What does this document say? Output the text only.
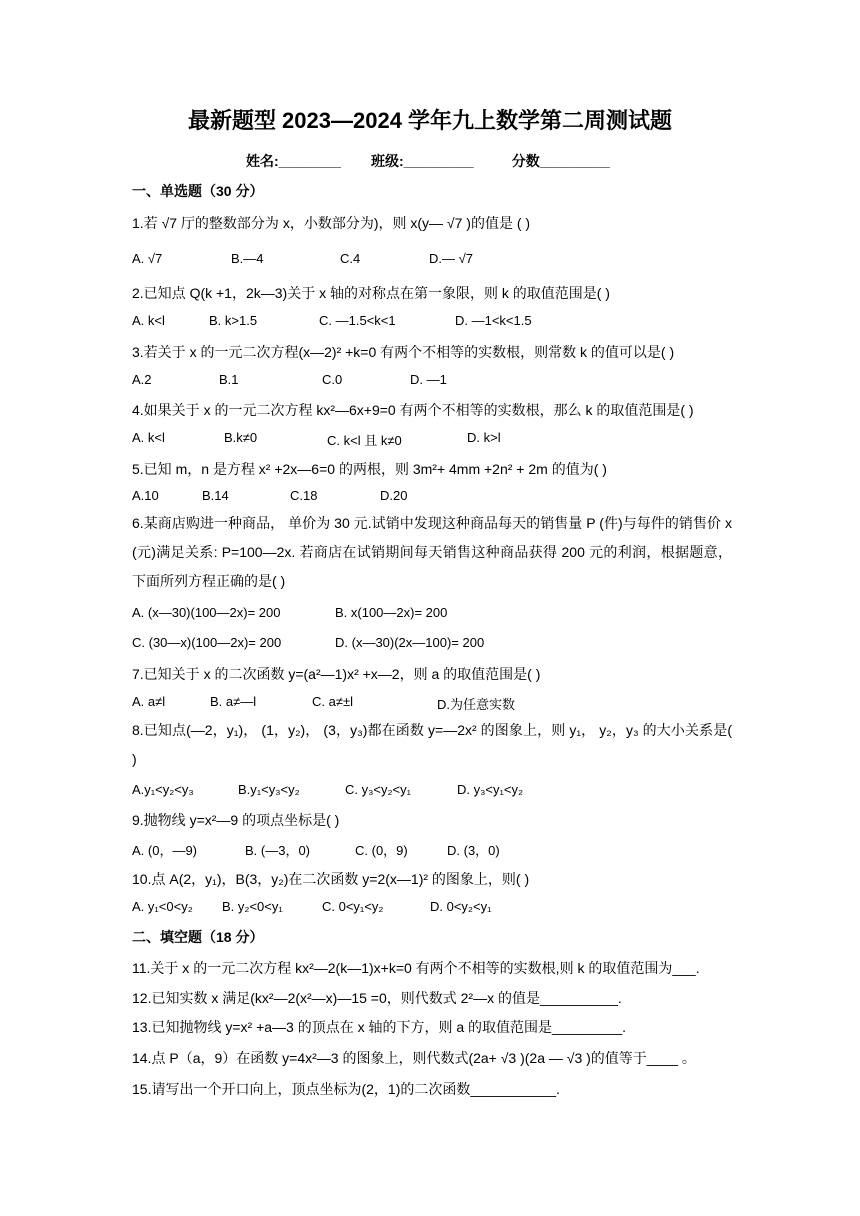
最新题型 2023—2024 学年九上数学第二周测试题
姓名:________ 班级:_________	分数_________
一、单选题（30 分）
1.若 √7 厅的整数部分为 x，小数部分为)，则 x(y— √7 )的值是 ( )
A. √7	B.—4	C.4	D.— √7
2.已知点 Q(k +1，2k—3)关于 x 轴的对称点在第一象限，则 k 的取值范围是( )
A. k<l	B. k>1.5	C. —1.5<k<1	D. —1<k<1.5
3.若关于 x 的一元二次方程(x—2)² +k=0 有两个不相等的实数根，则常数 k 的值可以是( )
A.2	B.1	C.0	D. —1
4.如果关于 x 的一元二次方程 kx²—6x+9=0 有两个不相等的实数根，那么 k 的取值范围是( )
A. k<l	B.k≠0	C. k<l 且 k≠0	D. k>l
5.已知 m，n 是方程 x² +2x—6=0 的两根，则 3m²+ 4mm +2n² + 2m 的值为( )
A.10	B.14	C.18	D.20
6.某商店购进一种商品， 单价为 30 元.试销中发现这种商品每天的销售量 P (件)与每件的销售价 x (元)满足关系: P=100—2x. 若商店在试销期间每天销售这种商品获得 200 元的利润，根据题意，下面所列方程正确的是( )
A. (x—30)(100—2x)= 200	B. x(100—2x)= 200
C. (30—x)(100—2x)= 200	D. (x—30)(2x—100)= 200
7.已知关于 x 的二次函数 y=(a²—1)x² +x—2，则 a 的取值范围是( )
A. a≠l	B. a≠—l	C. a≠±l	D.为任意实数
8.已知点(—2，y₁)， (1，y₂)， (3，y₃)都在函数 y=—2x² 的图象上，则 y₁， y₂，y₃ 的大小关系是( )
A.y₁<y₂<y₃	B.y₁<y₃<y₂	C. y₃<y₂<y₁	D. y₃<y₁<y₂
9.抛物线 y=x²—9 的项点坐标是( )
A. (0，—9)	B. (—3，0)	C. (0，9)	D. (3，0)
10.点 A(2，y₁)，B(3，y₂)在二次函数 y=2(x—1)² 的图象上，则( )
A. y₁<0<y₂ B. y₂<0<y₁	C. 0<y₁<y₂	D. 0<y₂<y₁
二、填空题（18 分）
11.关于 x 的一元二次方程 kx²—2(k—1)x+k=0 有两个不相等的实数根,则 k 的取值范围为___.
12.已知实数 x 满足(kx²—2(x²—x)—15 =0，则代数式 2²—x 的值是__________.
13.已知抛物线 y=x² +a—3 的顶点在 x 轴的下方，则 a 的取值范围是_________.
14.点 P（a，9）在函数 y=4x²—3 的图象上，则代数式(2a+ √3 )(2a — √3 )的值等于____ 。
15.请写出一个开口向上，顶点坐标为(2，1)的二次函数___________.
